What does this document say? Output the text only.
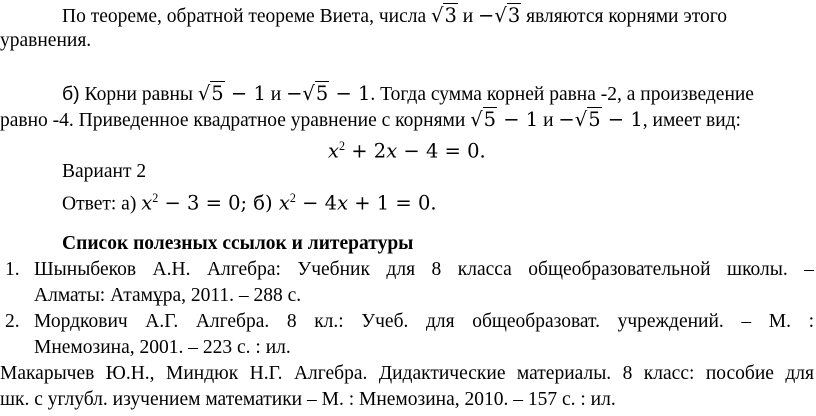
По теореме, обратной теореме Виета, числа √3 и −√3 являются корнями этого
уравнения.
б) Корни равны √5 − 1 и −√5 − 1. Тогда сумма корней равна -2, а произведение
равно -4. Приведенное квадратное уравнение с корнями √5 − 1 и −√5 − 1, имеет вид:
$x^2 + 2x - 4 = 0$.
Вариант 2
Ответ: а) $x^2 - 3 = 0$; б) $x^2 - 4x + 1 = 0$.
Список полезных ссылок и литературы
1. Шыныбеков А.Н. Алгебра: Учебник для 8 класса общеобразовательной школы. –
Алматы: Атамұра, 2011. – 288 с.
2. Мордкович А.Г. Алгебра. 8 кл.: Учеб. для общеобразоват. учреждений. – М. :
Мнемозина, 2001. – 223 с. : ил.
Макарычев Ю.Н., Миндюк Н.Г. Алгебра. Дидактические материалы. 8 класс: пособие для
шк. с углубл. изучением математики – М. : Мнемозина, 2010. – 157 с. : ил.
